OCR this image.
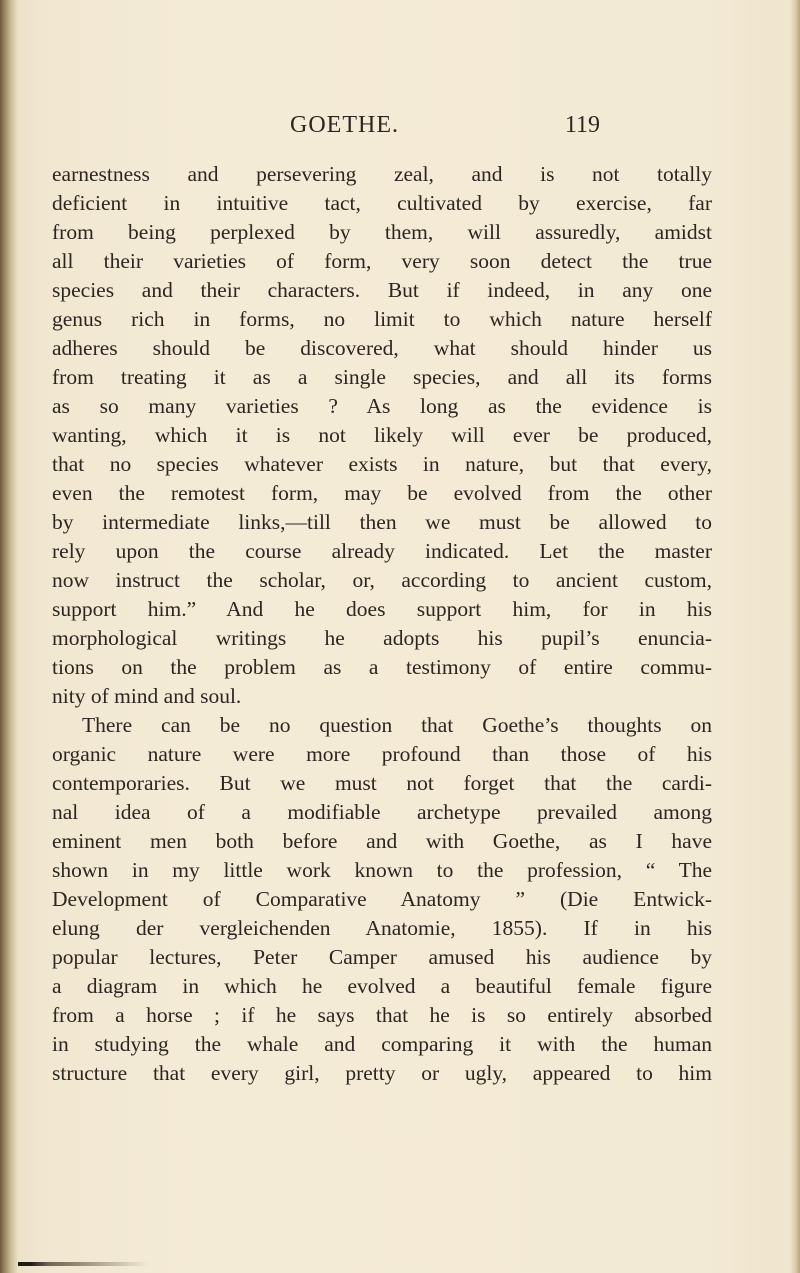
GOETHE.	119
earnestness and persevering zeal, and is not totally
deficient in intuitive tact, cultivated by exercise, far
from being perplexed by them, will assuredly, amidst
all their varieties of form, very soon detect the true
species and their characters. But if indeed, in any one
genus rich in forms, no limit to which nature herself
adheres should be discovered, what should hinder us
from treating it as a single species, and all its forms
as so many varieties ? As long as the evidence is
wanting, which it is not likely will ever be produced,
that no species whatever exists in nature, but that every,
even the remotest form, may be evolved from the other
by intermediate links,—till then we must be allowed to
rely upon the course already indicated. Let the master
now instruct the scholar, or, according to ancient custom,
support him.” And he does support him, for in his
morphological writings he adopts his pupil’s enuncia-
tions on the problem as a testimony of entire commu-
nity of mind and soul.
There can be no question that Goethe’s thoughts on
organic nature were more profound than those of his
contemporaries. But we must not forget that the cardi-
nal idea of a modifiable archetype prevailed among
eminent men both before and with Goethe, as I have
shown in my little work known to the profession, “ The
Development of Comparative Anatomy ” (Die Entwick-
elung der vergleichenden Anatomie, 1855). If in his
popular lectures, Peter Camper amused his audience by
a diagram in which he evolved a beautiful female figure
from a horse ; if he says that he is so entirely absorbed
in studying the whale and comparing it with the human
structure that every girl, pretty or ugly, appeared to him
